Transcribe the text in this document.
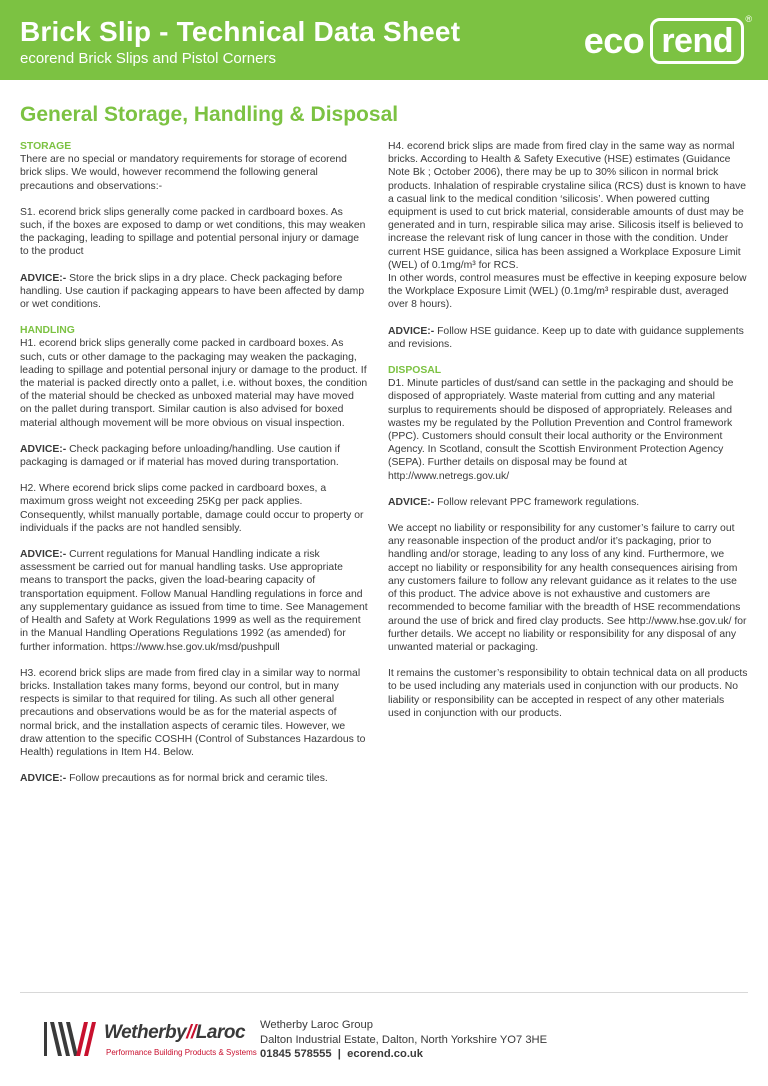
Brick Slip - Technical Data Sheet
ecorend Brick Slips and Pistol Corners	eco rend
®
General Storage, Handling & Disposal

STORAGE

There are no special or mandatory requirements for storage of ecorend brick slips. We would, however recommend the following general precautions and observations:-

S1. ecorend brick slips generally come packed in cardboard boxes. As such, if the boxes are exposed to damp or wet conditions, this may weaken the packaging, leading to spillage and potential personal injury or damage to the product

ADVICE:- Store the brick slips in a dry place. Check packaging before handling. Use caution if packaging appears to have been affected by damp or wet conditions.

HANDLING

H1. ecorend brick slips generally come packed in cardboard boxes. As such, cuts or other damage to the packaging may weaken the packaging, leading to spillage and potential personal injury or damage to the product. If the material is packed directly onto a pallet, i.e. without boxes, the condition of the material should be checked as unboxed material may have moved on the pallet during transport. Similar caution is also advised for boxed material although movement will be more obvious on visual inspection.

ADVICE:- Check packaging before unloading/handling. Use caution if packaging is damaged or if material has moved during transportation.

H2. Where ecorend brick slips come packed in cardboard boxes, a maximum gross weight not exceeding 25Kg per pack applies. Consequently, whilst manually portable, damage could occur to property or individuals if the packs are not handled sensibly.

ADVICE:- Current regulations for Manual Handling indicate a risk assessment be carried out for manual handling tasks. Use appropriate means to transport the packs, given the load-bearing capacity of transportation equipment. Follow Manual Handling regulations in force and any supplementary guidance as issued from time to time. See Management of Health and Safety at Work Regulations 1999 as well as the requirement in the Manual Handling Operations Regulations 1992 (as amended) for further information. https://www.hse.gov.uk/msd/pushpull

H3. ecorend brick slips are made from fired clay in a similar way to normal bricks. Installation takes many forms, beyond our control, but in many respects is similar to that required for tiling. As such all other general precautions and observations would be as for the material aspects of normal brick, and the installation aspects of ceramic tiles. However, we draw attention to the specific COSHH (Control of Substances Hazardous to Health) regulations in Item H4. Below.

ADVICE:- Follow precautions as for normal brick and ceramic tiles.

H4. ecorend brick slips are made from fired clay in the same way as normal bricks. According to Health & Safety Executive (HSE) estimates (Guidance Note Bk ; October 2006), there may be up to 30% silicon in normal brick products. Inhalation of respirable crystaline silica (RCS) dust is known to have a casual link to the medical condition ‘silicosis’. When powered cutting equipment is used to cut brick material, considerable amounts of dust may be generated and in turn, respirable silica may arise. Silicosis itself is believed to increase the relevant risk of lung cancer in those with the condition. Under current HSE guidance, silica has been assigned a Workplace Exposure Limit (WEL) of 0.1mg/m³ for RCS.

In other words, control measures must be effective in keeping exposure below the Workplace Exposure Limit (WEL) (0.1mg/m³ respirable dust, averaged over 8 hours).

ADVICE:- Follow HSE guidance. Keep up to date with guidance supplements and revisions.

DISPOSAL

D1. Minute particles of dust/sand can settle in the packaging and should be disposed of appropriately. Waste material from cutting and any material surplus to requirements should be disposed of appropriately. Releases and wastes my be regulated by the Pollution Prevention and Control framework (PPC). Customers should consult their local authority or the Environment Agency. In Scotland, consult the Scottish Environment Protection Agency (SEPA). Further details on disposal may be found at http://www.netregs.gov.uk/

ADVICE:- Follow relevant PPC framework regulations.

We accept no liability or responsibility for any customer’s failure to carry out any reasonable inspection of the product and/or it’s packaging, prior to handling and/or storage, leading to any loss of any kind. Furthermore, we accept no liability or responsibility for any health consequences airising from any customers failure to follow any relevant guidance as it relates to the use of this product. The advice above is not exhaustive and customers are recommended to become familiar with the breadth of HSE recommendations around the use of brick and fired clay products. See http://www.hse.gov.uk/ for further details. We accept no liability or responsibility for any disposal of any unwanted material or packaging.

It remains the customer’s responsibility to obtain technical data on all products to be used including any materials used in conjunction with our products. No liability or responsibility can be accepted in respect of any other materials used in conjunction with our products.

Wetherby//Laroc
Performance Building Products & Systems
Wetherby Laroc Group
Dalton Industrial Estate, Dalton, North Yorkshire YO7 3HE
01845 578555 | ecorend.co.uk
